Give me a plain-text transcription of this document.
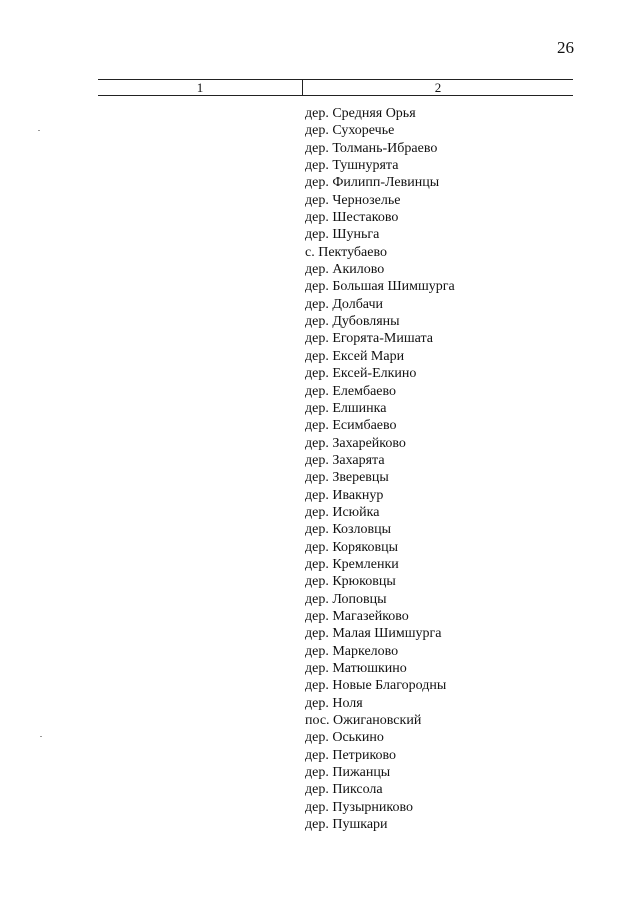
26
1	2
дер. Средняя Орья
дер. Сухоречье
дер. Толмань-Ибраево
дер. Тушнурята
дер. Филипп-Левинцы
дер. Чернозелье
дер. Шестаково
дер. Шуньга
с. Пектубаево
дер. Акилово
дер. Большая Шимшурга
дер. Долбачи
дер. Дубовляны
дер. Егорята-Мишата
дер. Ексей Мари
дер. Ексей-Елкино
дер. Елембаево
дер. Елшинка
дер. Есимбаево
дер. Захарейково
дер. Захарята
дер. Зверевцы
дер. Ивакнур
дер. Исюйка
дер. Козловцы
дер. Коряковцы
дер. Кремленки
дер. Крюковцы
дер. Лоповцы
дер. Магазейково
дер. Малая Шимшурга
дер. Маркелово
дер. Матюшкино
дер. Новые Благородны
дер. Ноля
пос. Ожигановский
дер. Оськино
дер. Петриково
дер. Пижанцы
дер. Пиксола
дер. Пузырниково
дер. Пушкари
